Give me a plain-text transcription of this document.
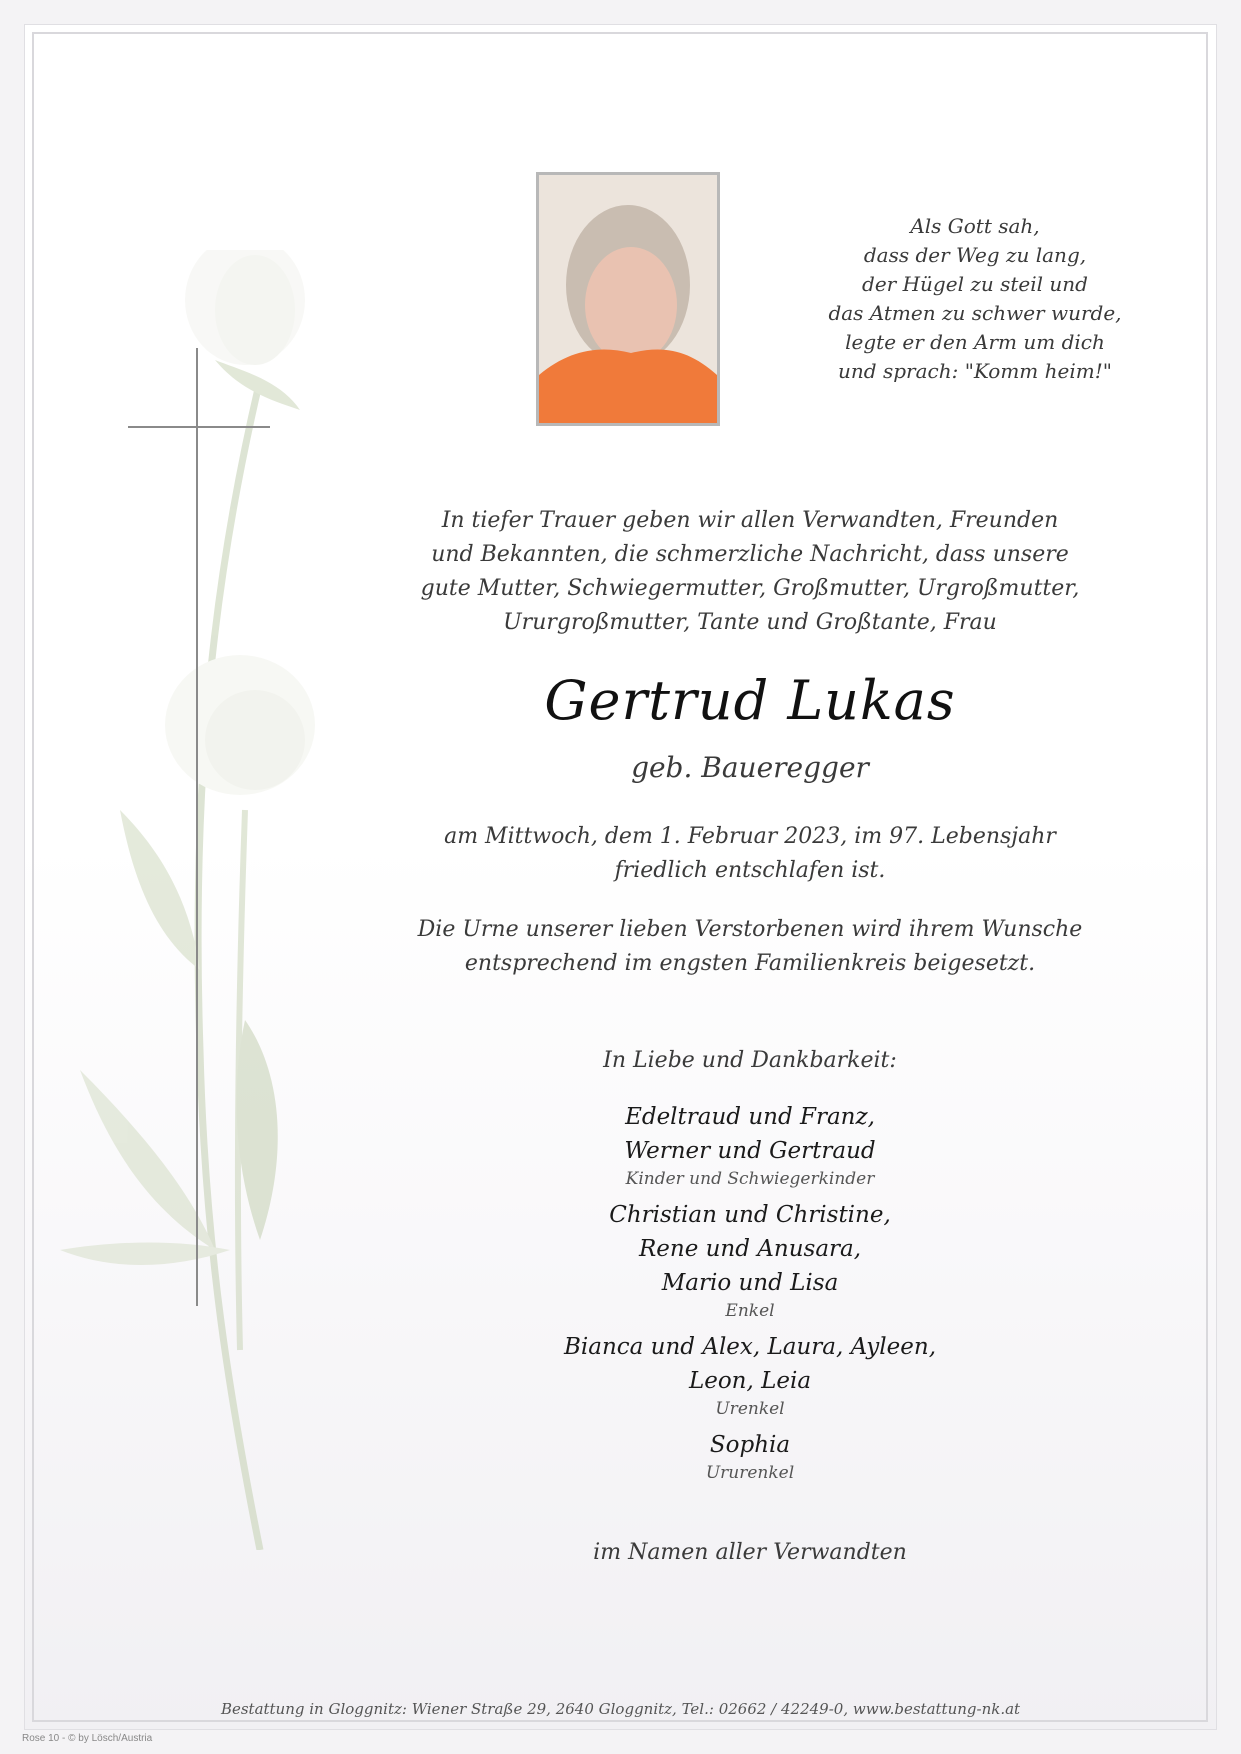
Als Gott sah,
dass der Weg zu lang,
der Hügel zu steil und
das Atmen zu schwer wurde,
legte er den Arm um dich
und sprach: "Komm heim!"
In tiefer Trauer geben wir allen Verwandten, Freunden
und Bekannten, die schmerzliche Nachricht, dass unsere
gute Mutter, Schwiegermutter, Großmutter, Urgroßmutter,
Ururgroßmutter, Tante und Großtante, Frau
Gertrud Lukas
geb. Baueregger
am Mittwoch, dem 1. Februar 2023, im 97. Lebensjahr
friedlich entschlafen ist.
Die Urne unserer lieben Verstorbenen wird ihrem Wunsche
entsprechend im engsten Familienkreis beigesetzt.
In Liebe und Dankbarkeit:
Edeltraud und Franz,
Werner und Gertraud
Kinder und Schwiegerkinder
Christian und Christine,
Rene und Anusara,
Mario und Lisa
Enkel
Bianca und Alex, Laura, Ayleen,
Leon, Leia
Urenkel
Sophia
Ururenkel
im Namen aller Verwandten
Bestattung in Gloggnitz: Wiener Straße 29, 2640 Gloggnitz, Tel.: 02662 / 42249-0, www.bestattung-nk.at
Rose 10 - © by Lösch/Austria
